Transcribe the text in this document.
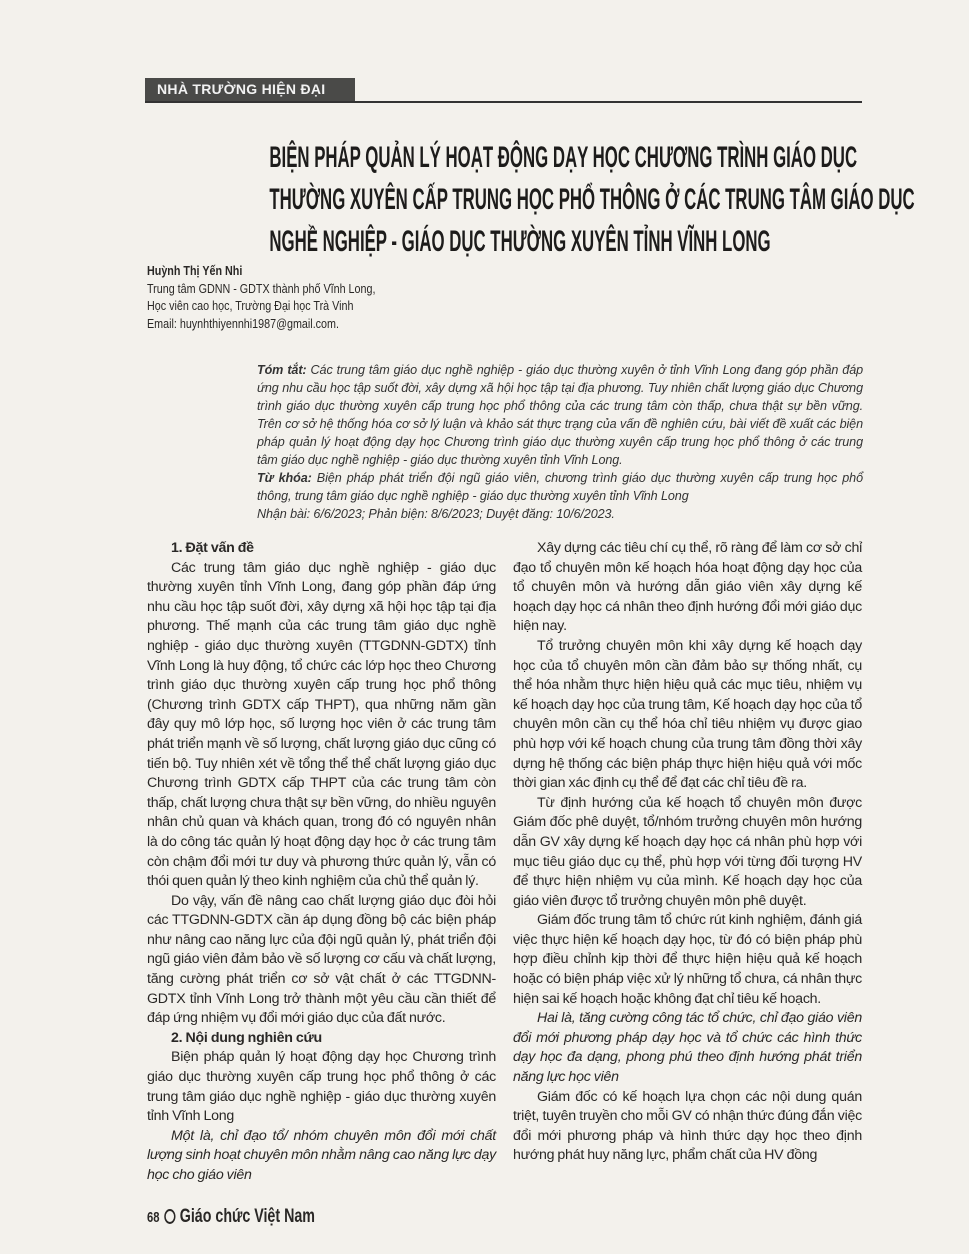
NHÀ TRƯỜNG HIỆN ĐẠI
BIỆN PHÁP QUẢN LÝ HOẠT ĐỘNG DẠY HỌC CHƯƠNG TRÌNH GIÁO DỤC
THƯỜNG XUYÊN CẤP TRUNG HỌC PHỔ THÔNG Ở CÁC TRUNG TÂM GIÁO DỤC
NGHỀ NGHIỆP - GIÁO DỤC THƯỜNG XUYÊN TỈNH VĨNH LONG
Huỳnh Thị Yến Nhi
Trung tâm GDNN - GDTX thành phố Vĩnh Long,
Học viên cao học, Trường Đại học Trà Vinh
Email: huynhthiyennhi1987@gmail.com.
Tóm tắt: Các trung tâm giáo dục nghề nghiệp - giáo dục thường xuyên ở tỉnh Vĩnh Long đang góp phần đáp ứng nhu cầu học tập suốt đời, xây dựng xã hội học tập tại địa phương. Tuy nhiên chất lượng giáo dục Chương trình giáo dục thường xuyên cấp trung học phổ thông của các trung tâm còn thấp, chưa thật sự bền vững. Trên cơ sở hệ thống hóa cơ sở lý luận và khảo sát thực trạng của vấn đề nghiên cứu, bài viết đề xuất các biện pháp quản lý hoạt động dạy học Chương trình giáo dục thường xuyên cấp trung học phổ thông ở các trung tâm giáo dục nghề nghiệp - giáo dục thường xuyên tỉnh Vĩnh Long.
Từ khóa: Biện pháp phát triển đội ngũ giáo viên, chương trình giáo dục thường xuyên cấp trung học phổ thông, trung tâm giáo dục nghề nghiệp - giáo dục thường xuyên tỉnh Vĩnh Long
Nhận bài: 6/6/2023; Phản biện: 8/6/2023; Duyệt đăng: 10/6/2023.
1. Đặt vấn đề

Các trung tâm giáo dục nghề nghiệp - giáo dục thường xuyên tỉnh Vĩnh Long, đang góp phần đáp ứng nhu cầu học tập suốt đời, xây dựng xã hội học tập tại địa phương. Thế mạnh của các trung tâm giáo dục nghề nghiệp - giáo dục thường xuyên (TTGDNN-GDTX) tỉnh Vĩnh Long là huy động, tổ chức các lớp học theo Chương trình giáo dục thường xuyên cấp trung học phổ thông (Chương trình GDTX cấp THPT), qua những năm gần đây quy mô lớp học, số lượng học viên ở các trung tâm phát triển mạnh về số lượng, chất lượng giáo dục cũng có tiến bộ. Tuy nhiên xét về tổng thể thể chất lượng giáo dục Chương trình GDTX cấp THPT của các trung tâm còn thấp, chất lượng chưa thật sự bền vững, do nhiều nguyên nhân chủ quan và khách quan, trong đó có nguyên nhân là do công tác quản lý hoạt động dạy học ở các trung tâm còn chậm đổi mới tư duy và phương thức quản lý, vẫn có thói quen quản lý theo kinh nghiệm của chủ thể quản lý.

Do vậy, vấn đề nâng cao chất lượng giáo dục đòi hỏi các TTGDNN-GDTX cần áp dụng đồng bộ các biện pháp như nâng cao năng lực của đội ngũ quản lý, phát triển đội ngũ giáo viên đảm bảo về số lượng cơ cấu và chất lượng, tăng cường phát triển cơ sở vật chất ở các TTGDNN-GDTX tỉnh Vĩnh Long trở thành một yêu cầu cần thiết để đáp ứng nhiệm vụ đổi mới giáo dục của đất nước.

2. Nội dung nghiên cứu

Biện pháp quản lý hoạt động dạy học Chương trình giáo dục thường xuyên cấp trung học phổ thông ở các trung tâm giáo dục nghề nghiệp - giáo dục thường xuyên tỉnh Vĩnh Long

Một là, chỉ đạo tổ/ nhóm chuyên môn đổi mới chất lượng sinh hoạt chuyên môn nhằm nâng cao năng lực dạy học cho giáo viên

Xây dựng các tiêu chí cụ thể, rõ ràng để làm cơ sở chỉ đạo tổ chuyên môn kế hoạch hóa hoạt động dạy học của tổ chuyên môn và hướng dẫn giáo viên xây dựng kế hoạch dạy học cá nhân theo định hướng đổi mới giáo dục hiện nay.

Tổ trưởng chuyên môn khi xây dựng kế hoạch dạy học của tổ chuyên môn cần đảm bảo sự thống nhất, cụ thể hóa nhằm thực hiện hiệu quả các mục tiêu, nhiệm vụ kế hoạch dạy học của trung tâm, Kế hoạch dạy học của tổ chuyên môn cần cụ thể hóa chỉ tiêu nhiệm vụ được giao phù hợp với kế hoạch chung của trung tâm đồng thời xây dựng hệ thống các biện pháp thực hiện hiệu quả với mốc thời gian xác định cụ thể để đạt các chỉ tiêu đề ra.

Từ định hướng của kế hoạch tổ chuyên môn được Giám đốc phê duyệt, tổ/nhóm trưởng chuyên môn hướng dẫn GV xây dựng kế hoạch dạy học cá nhân phù hợp với mục tiêu giáo dục cụ thể, phù hợp với từng đối tượng HV để thực hiện nhiệm vụ của mình. Kế hoạch dạy học của giáo viên được tổ trưởng chuyên môn phê duyệt.

Giám đốc trung tâm tổ chức rút kinh nghiệm, đánh giá việc thực hiện kế hoạch dạy học, từ đó có biện pháp phù hợp điều chỉnh kịp thời để thực hiện hiệu quả kế hoạch hoặc có biện pháp việc xử lý những tổ chưa, cá nhân thực hiện sai kế hoạch hoặc không đạt chỉ tiêu kế hoạch.

Hai là, tăng cường công tác tổ chức, chỉ đạo giáo viên đổi mới phương pháp dạy học và tổ chức các hình thức dạy học đa dạng, phong phú theo định hướng phát triển năng lực học viên

Giám đốc có kế hoạch lựa chọn các nội dung quán triệt, tuyên truyền cho mỗi GV có nhận thức đúng đắn việc đổi mới phương pháp và hình thức dạy học theo định hướng phát huy năng lực, phẩm chất của HV đồng

68 Giáo chức Việt Nam
